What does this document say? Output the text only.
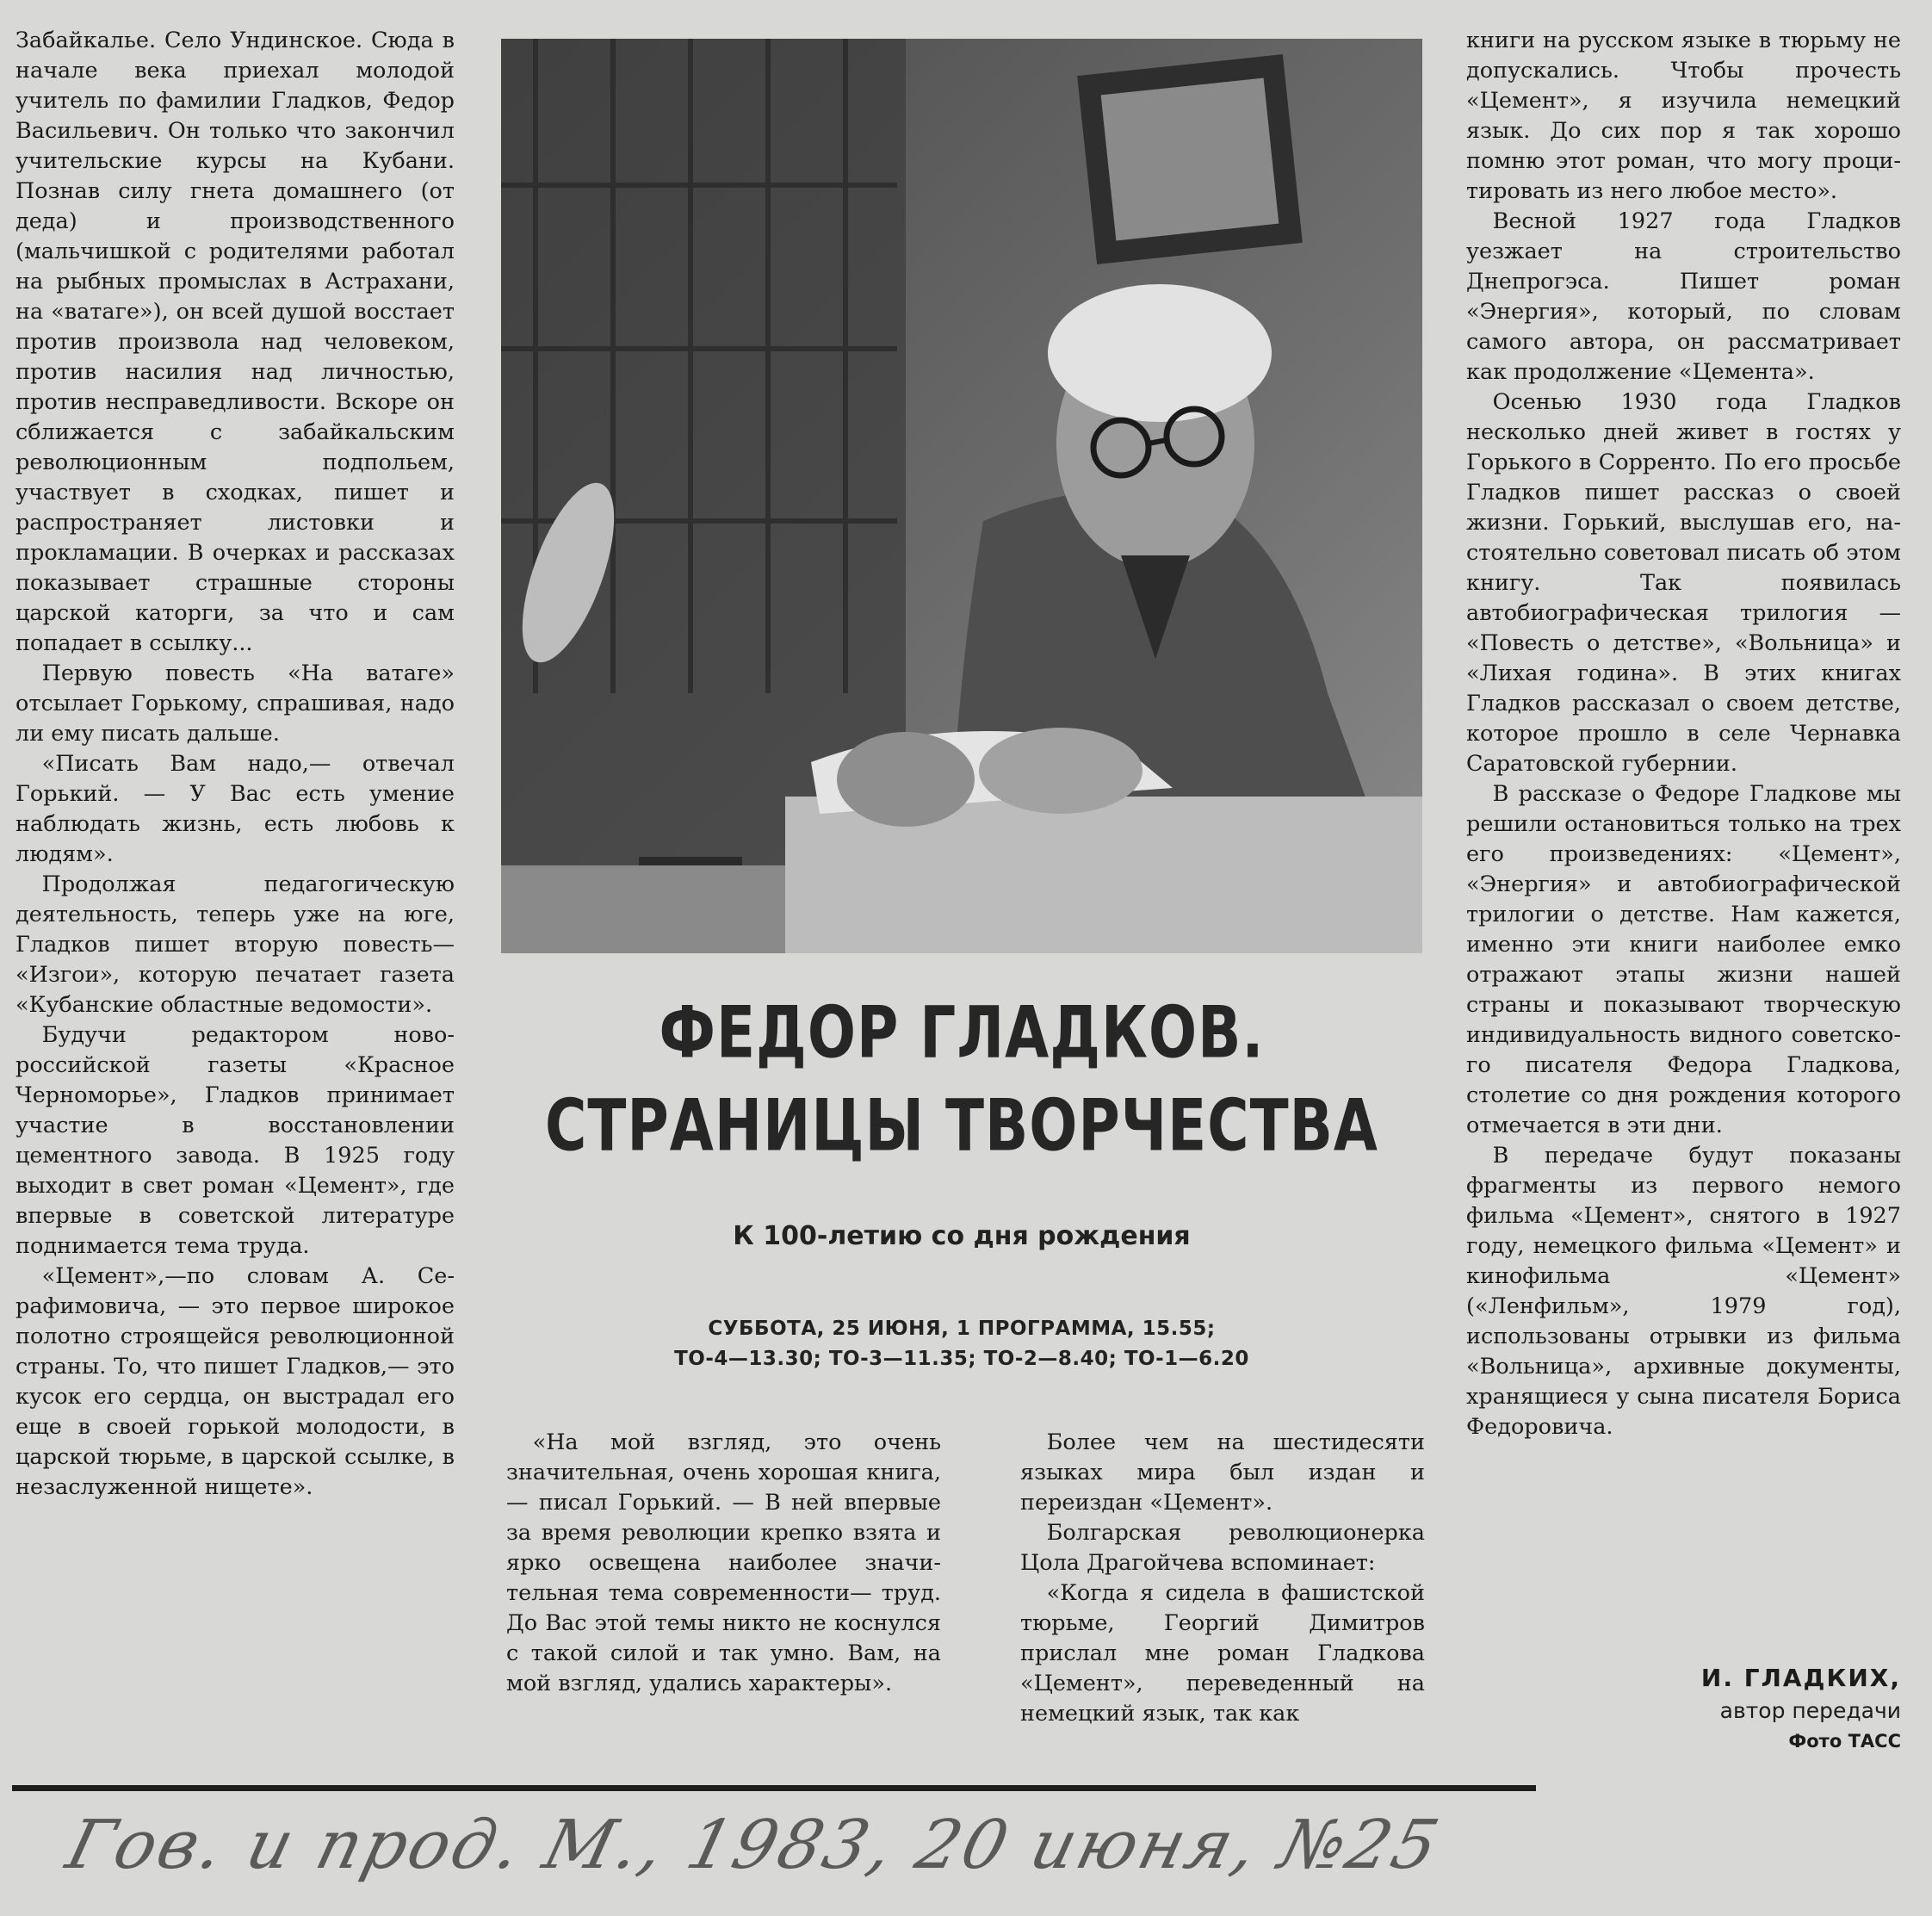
Забайкалье. Село Ундинское. Сюда в начале века приехал молодой учитель по фамилии Гладков, Федор Васильевич. Он только что закончил учительские курсы на Кубани. Познав силу гнета домашнего (от деда) и производственного (мальчишкой с родителями работал на рыбных промыслах в Астрахани, на «ватаге»), он всей душой восстает против произвола над человеком, против насилия над личностью, против несправедливости. Вскоре он сближается с забайкальским революционным подпольем, участвует в сходках, пишет и распространяет листовки и прокламации. В очерках и рассказах показывает страшные стороны царской каторги, за что и сам попадает в ссылку...

Первую повесть «На ватаге» отсылает Горькому, спрашивая, надо ли ему писать дальше.

«Писать Вам надо,— отвечал Горький. — У Вас есть умение наблюдать жизнь, есть любовь к людям».

Продолжая педагогическую деятельность, теперь уже на юге, Гладков пишет вторую повесть— «Изгои», которую печатает газета «Кубанские областные ведомости».

Будучи редактором новороссийской газеты «Красное Черноморье», Гладков принимает участие в восстановлении цементного завода. В 1925 году выходит в свет роман «Цемент», где впервые в советской литературе поднимается тема труда.

«Цемент»,—по словам А. Серафимовича, — это первое широкое полотно строящейся революционной страны. То, что пишет Гладков,— это кусок его сердца, он выстрадал его еще в своей горькой молодости, в царской тюрьме, в царской ссылке, в незаслуженной нищете».

ФЕДОР ГЛАДКОВ.
СТРАНИЦЫ ТВОРЧЕСТВА
К 100-летию со дня рождения
СУББОТА, 25 ИЮНЯ, 1 ПРОГРАММА, 15.55;
ТО-4—13.30; ТО-3—11.35; ТО-2—8.40; ТО-1—6.20

«На мой взгляд, это очень значительная, очень хорошая книга, — писал Горький. — В ней впервые за время революции крепко взята и ярко освещена наиболее значительная тема современности— труд. До Вас этой темы никто не коснулся с такой силой и так умно. Вам, на мой взгляд, удались характеры».

Более чем на шестидесяти языках мира был издан и переиздан «Цемент».

Болгарская революционерка Цола Драгойчева вспоминает:

«Когда я сидела в фашистской тюрьме, Георгий Димитров прислал мне роман Гладкова «Цемент», переведенный на немецкий язык, так как

книги на русском языке в тюрьму не допускались. Чтобы прочесть «Цемент», я изучила немецкий язык. До сих пор я так хорошо помню этот роман, что могу процитировать из него любое место».

Весной 1927 года Гладков уезжает на строительство Днепрогэса. Пишет роман «Энергия», который, по словам самого автора, он рассматривает как продолжение «Цемента».

Осенью 1930 года Гладков несколько дней живет в гостях у Горького в Сорренто. По его просьбе Гладков пишет рассказ о своей жизни. Горький, выслушав его, настоятельно советовал писать об этом книгу. Так появилась автобиографическая трилогия — «Повесть о детстве», «Вольница» и «Лихая година». В этих книгах Гладков рассказал о своем детстве, которое прошло в селе Чернавка Саратовской губернии.

В рассказе о Федоре Гладкове мы решили остановиться только на трех его произведениях: «Цемент», «Энергия» и автобиографической трилогии о детстве. Нам кажется, именно эти книги наиболее емко отражают этапы жизни нашей страны и показывают творческую индивидуальность видного советского писателя Федора Гладкова, столетие со дня рождения которого отмечается в эти дни.

В передаче будут показаны фрагменты из первого немого фильма «Цемент», снятого в 1927 году, немецкого фильма «Цемент» и кинофильма «Цемент» («Ленфильм», 1979 год), использованы отрывки из фильма «Вольница», архивные документы, хранящиеся у сына писателя Бориса Федоровича.

И. ГЛАДКИХ,
автор передачи
Фото ТАСС
Гов. и прод. М., 1983, 20 июня, №25
